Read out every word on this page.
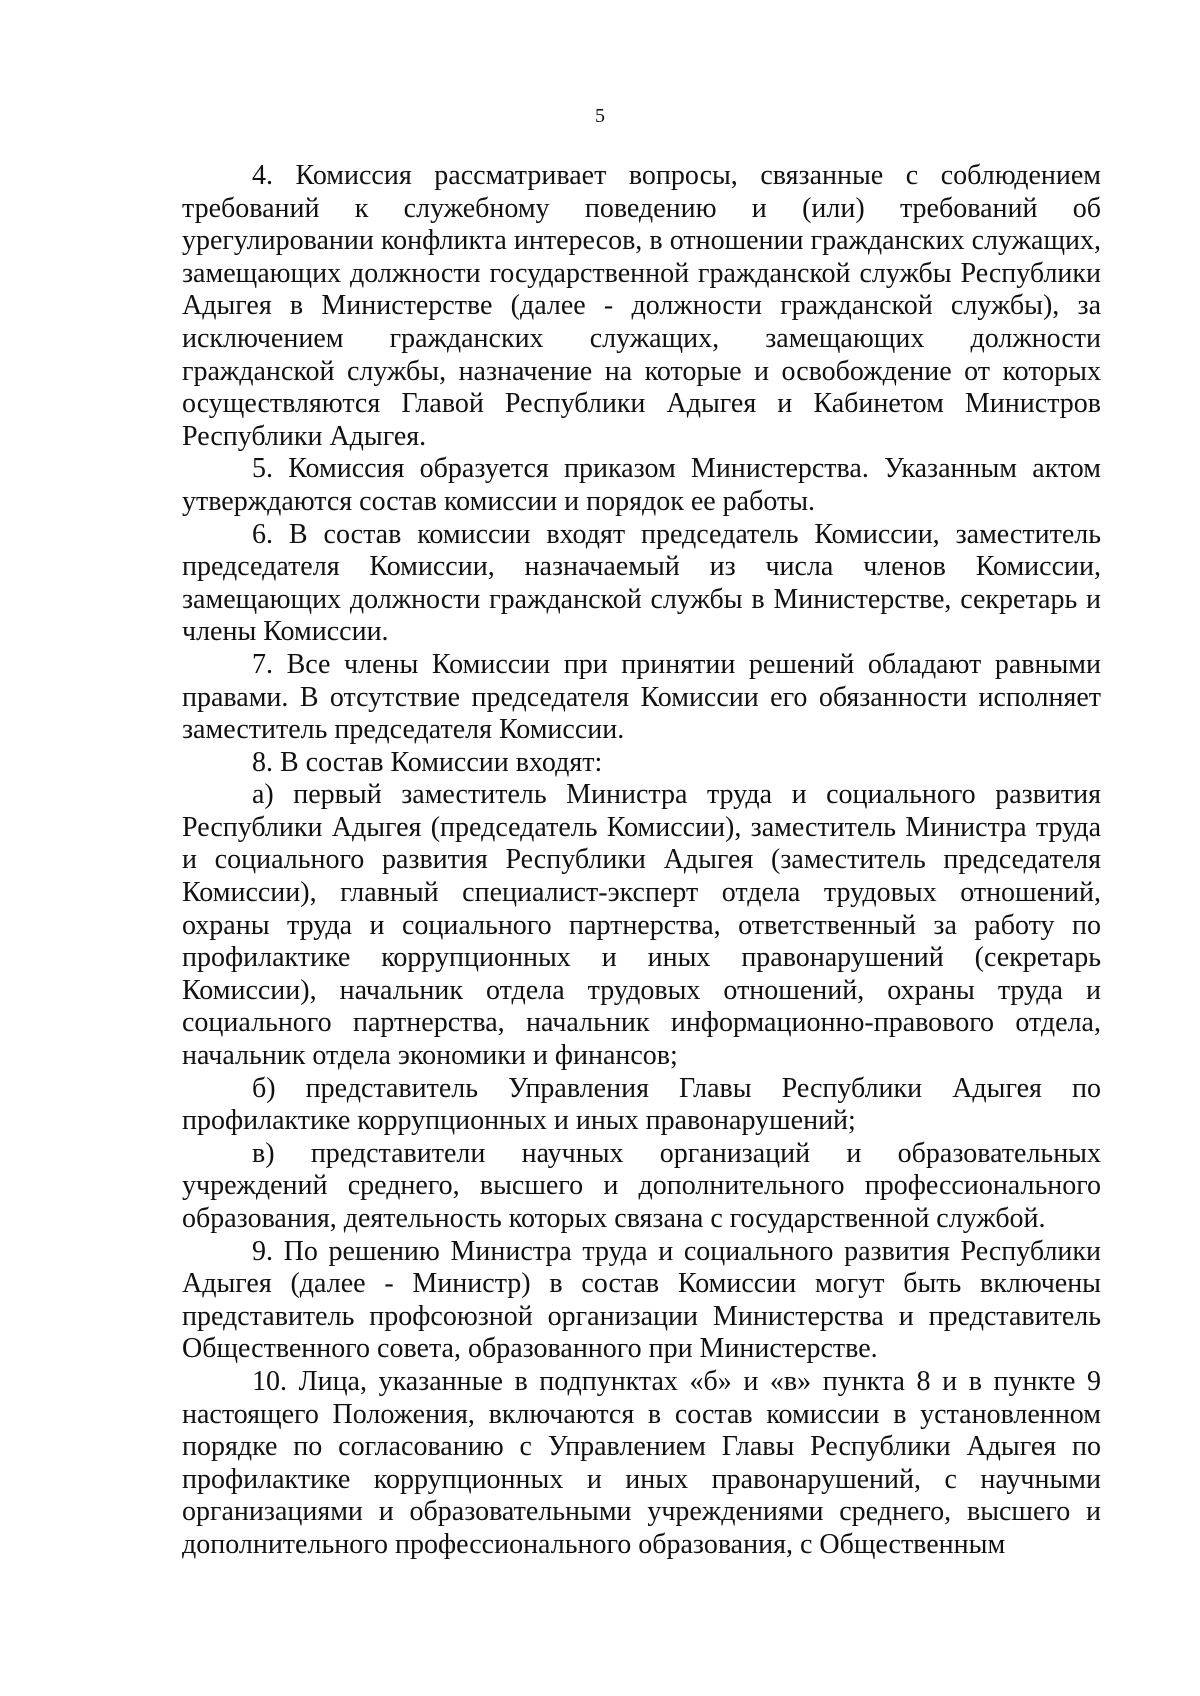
5

4. Комиссия рассматривает вопросы, связанные с соблюдением требований к служебному поведению и (или) требований об урегулировании конфликта интересов, в отношении гражданских служащих, замещающих должности государственной гражданской службы Республики Адыгея в Министерстве (далее - должности гражданской службы), за исключением гражданских служащих, замещающих должности гражданской службы, назначение на которые и освобождение от которых осуществляются Главой Республики Адыгея и Кабинетом Министров Республики Адыгея.

5. Комиссия образуется приказом Министерства. Указанным актом утверждаются состав комиссии и порядок ее работы.

6. В состав комиссии входят председатель Комиссии, заместитель председателя Комиссии, назначаемый из числа членов Комиссии, замещающих должности гражданской службы в Министерстве, секретарь и члены Комиссии.

7. Все члены Комиссии при принятии решений обладают равными правами. В отсутствие председателя Комиссии его обязанности исполняет заместитель председателя Комиссии.

8. В состав Комиссии входят:

а) первый заместитель Министра труда и социального развития Республики Адыгея (председатель Комиссии), заместитель Министра труда и социального развития Республики Адыгея (заместитель председателя Комиссии), главный специалист-эксперт отдела трудовых отношений, охраны труда и социального партнерства, ответственный за работу по профилактике коррупционных и иных правонарушений (секретарь Комиссии), начальник отдела трудовых отношений, охраны труда и социального партнерства, начальник информационно-правового отдела, начальник отдела экономики и финансов;

б) представитель Управления Главы Республики Адыгея по профилактике коррупционных и иных правонарушений;

в) представители научных организаций и образовательных учреждений среднего, высшего и дополнительного профессионального образования, деятельность которых связана с государственной службой.

9. По решению Министра труда и социального развития Республики Адыгея (далее - Министр) в состав Комиссии могут быть включены представитель профсоюзной организации Министерства и представитель Общественного совета, образованного при Министерстве.

10. Лица, указанные в подпунктах «б» и «в» пункта 8 и в пункте 9 настоящего Положения, включаются в состав комиссии в установленном порядке по согласованию с Управлением Главы Республики Адыгея по профилактике коррупционных и иных правонарушений, с научными организациями и образовательными учреждениями среднего, высшего и дополнительного профессионального образования, с Общественным
